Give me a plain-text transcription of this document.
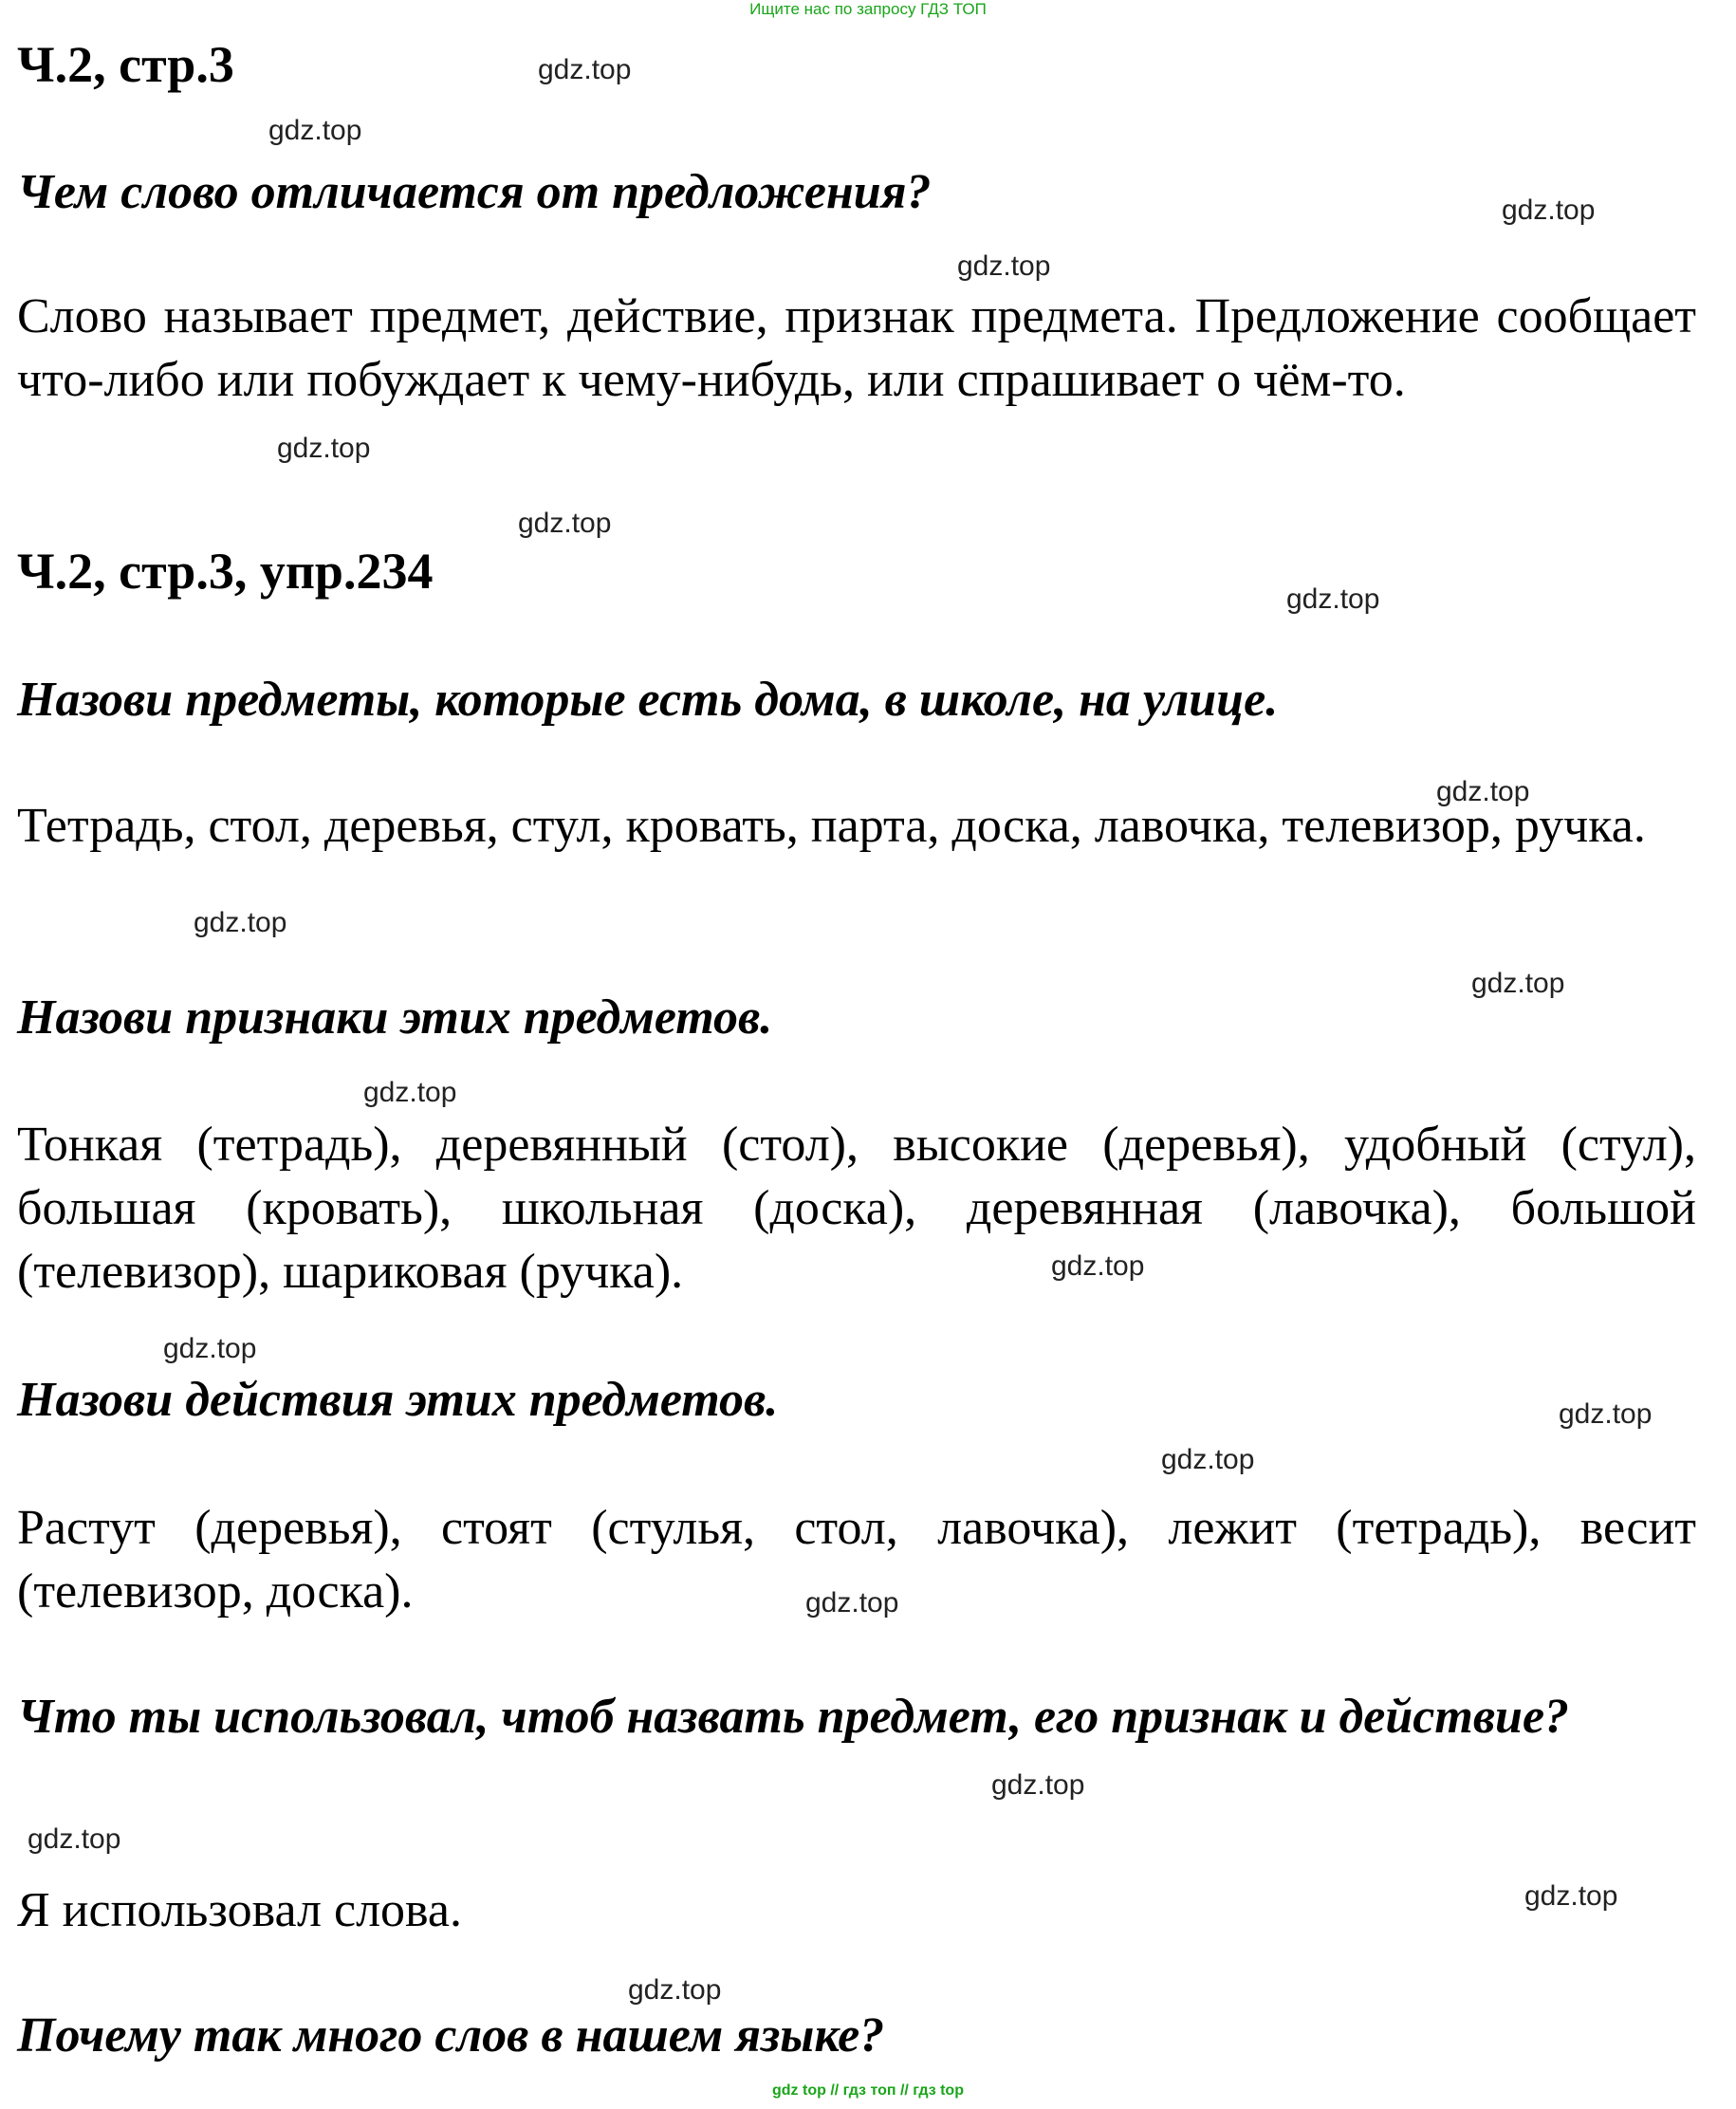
Ищите нас по запросу ГДЗ ТОП
Ч.2, стр.3
Чем слово отличается от предложения?
Слово называет предмет, действие, признак предмета. Предложение сообщает что-либо или побуждает к чему-нибудь, или спрашивает о чём-то.
Ч.2, стр.3, упр.234
Назови предметы, которые есть дома, в школе, на улице.
Тетрадь, стол, деревья, стул, кровать, парта, доска, лавочка, телевизор, ручка.
Назови признаки этих предметов.
Тонкая (тетрадь), деревянный (стол), высокие (деревья), удобный (стул), большая (кровать), школьная (доска), деревянная (лавочка), большой (телевизор), шариковая (ручка).
Назови действия этих предметов.
Растут (деревья), стоят (стулья, стол, лавочка), лежит (тетрадь), весит (телевизор, доска).
Что ты использовал, чтоб назвать предмет, его признак и действие?
Я использовал слова.
Почему так много слов в нашем языке?
gdz.top
gdz.top
gdz.top
gdz.top
gdz.top
gdz.top
gdz.top
gdz.top
gdz.top
gdz.top
gdz.top
gdz.top
gdz.top
gdz.top
gdz.top
gdz.top
gdz.top
gdz.top
gdz.top
gdz.top
gdz top // гдз топ // гдз top
